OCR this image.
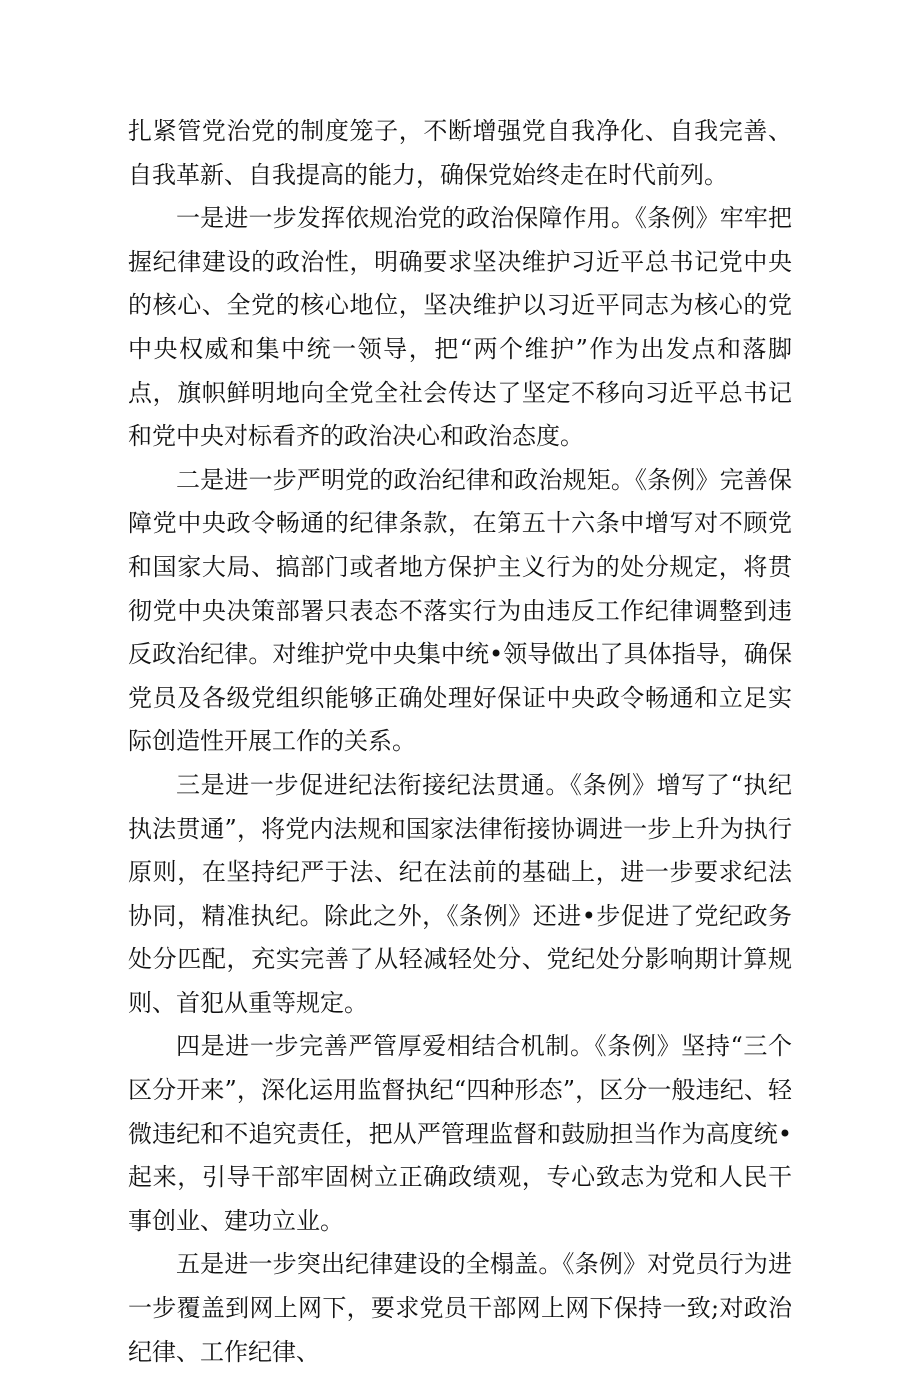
扎紧管党治党的制度笼子，不断增强党自我净化、自我完善、自我革新、自我提高的能力，确保党始终走在时代前列。

一是进一步发挥依规治党的政治保障作用。《条例》牢牢把握纪律建设的政治性，明确要求坚决维护习近平总书记党中央的核心、全党的核心地位，坚决维护以习近平同志为核心的党中央权威和集中统一领导，把“两个维护”作为出发点和落脚点，旗帜鲜明地向全党全社会传达了坚定不移向习近平总书记和党中央对标看齐的政治决心和政治态度。

二是进一步严明党的政治纪律和政治规矩。《条例》完善保障党中央政令畅通的纪律条款，在第五十六条中增写对不顾党和国家大局、搞部门或者地方保护主义行为的处分规定，将贯彻党中央决策部署只表态不落实行为由违反工作纪律调整到违反政治纪律。对维护党中央集中统•领导做出了具体指导，确保党员及各级党组织能够正确处理好保证中央政令畅通和立足实际创造性开展工作的关系。

三是进一步促进纪法衔接纪法贯通。《条例》增写了“执纪执法贯通”，将党内法规和国家法律衔接协调进一步上升为执行原则，在坚持纪严于法、纪在法前的基础上，进一步要求纪法协同，精准执纪。除此之外，《条例》还进•步促进了党纪政务处分匹配，充实完善了从轻减轻处分、党纪处分影响期计算规则、首犯从重等规定。

四是进一步完善严管厚爱相结合机制。《条例》坚持“三个区分开来”，深化运用监督执纪“四种形态”，区分一般违纪、轻微违纪和不追究责任，把从严管理监督和鼓励担当作为高度统•起来，引导干部牢固树立正确政绩观，专心致志为党和人民干事创业、建功立业。

五是进一步突出纪律建设的全榻盖。《条例》对党员行为进一步覆盖到网上网下，要求党员干部网上网下保持一致;对政治纪律、工作纪律、
